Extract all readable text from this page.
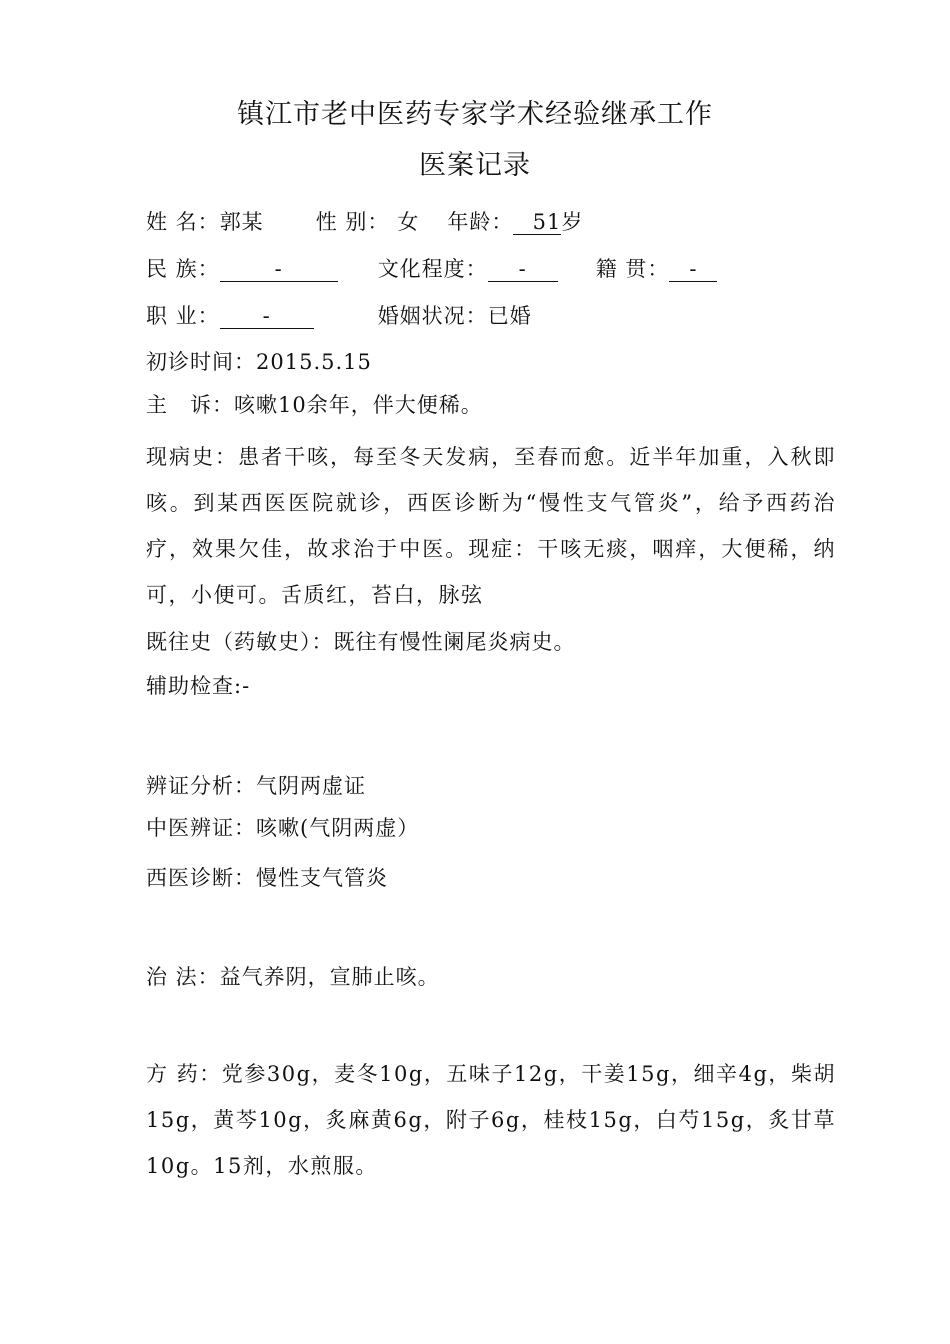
镇江市老中医药专家学术经验继承工作
医案记录
姓 名：郭某 性 别： 女 年龄： 51岁
民 族：	-	文化程度： -	籍 贯： -
职 业： -	婚姻状况：已婚
初诊时间：2015.5.15
主　诉：咳嗽10余年，伴大便稀。
现病史：患者干咳，每至冬天发病，至春而愈。近半年加重，入秋即咳。到某西医医院就诊，西医诊断为“慢性支气管炎”，给予西药治疗，效果欠佳，故求治于中医。现症：干咳无痰，咽痒，大便稀，纳可，小便可。舌质红，苔白，脉弦
既往史（药敏史）：既往有慢性阑尾炎病史。
辅助检查:-
辨证分析：气阴两虚证
中医辨证：咳嗽(气阴两虚）
西医诊断：慢性支气管炎
治 法：益气养阴，宣肺止咳。
方 药：党参30g，麦冬10g，五味子12g，干姜15g，细辛4g，柴胡15g，黄芩10g，炙麻黄6g，附子6g，桂枝15g，白芍15g，炙甘草10g。15剂，水煎服。
